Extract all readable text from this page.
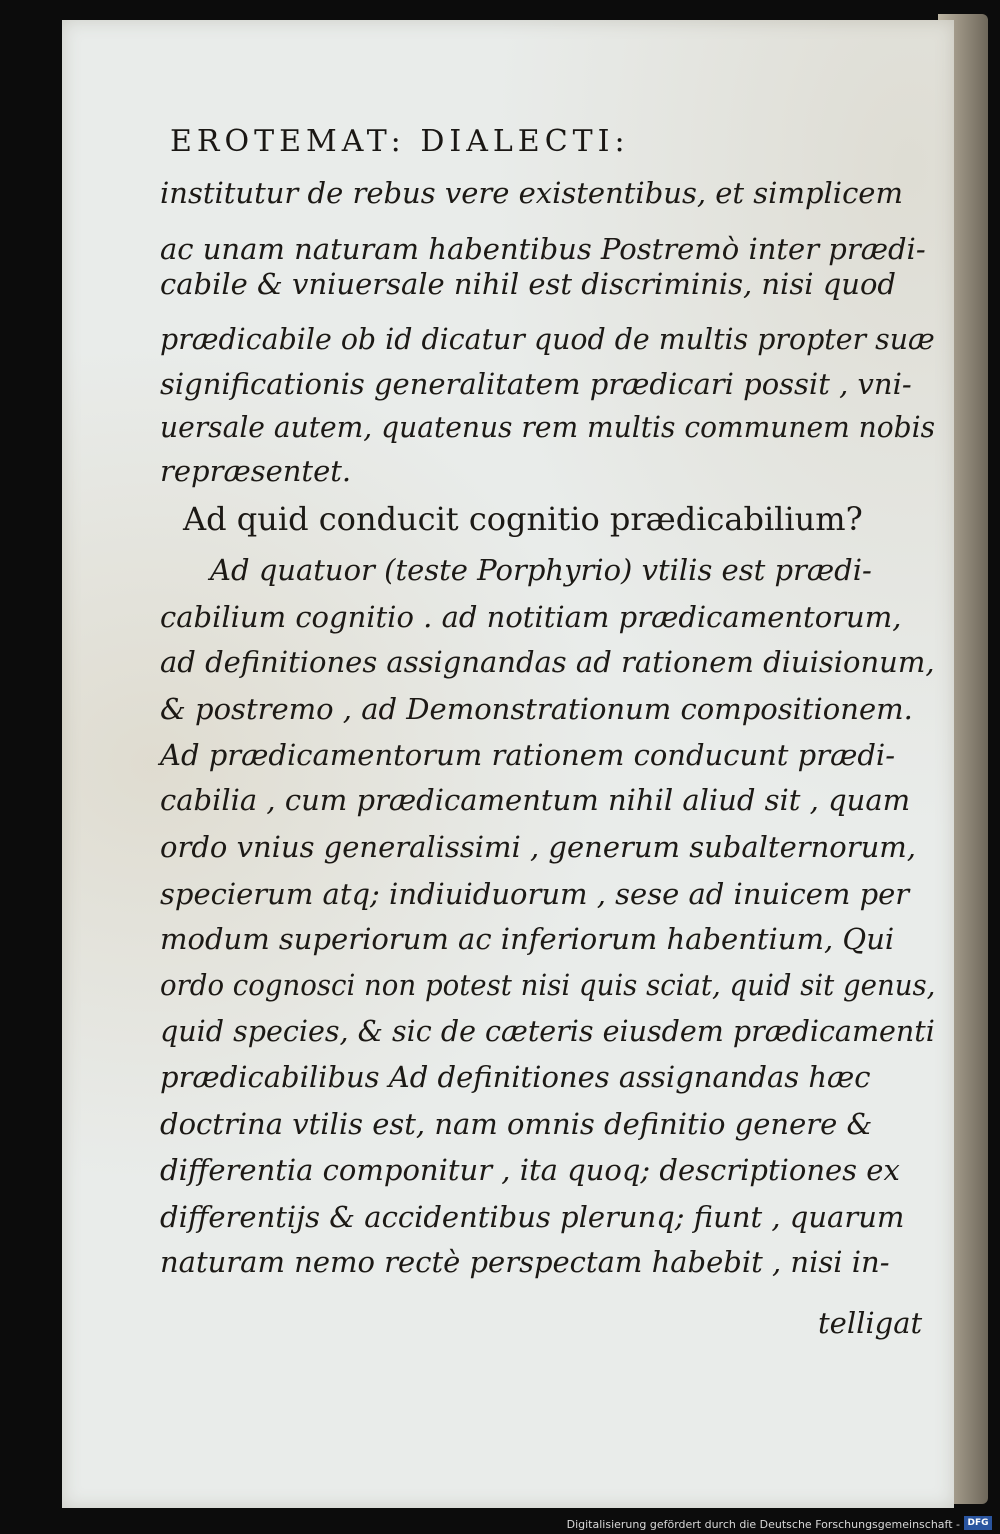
EROTEMAT: DIALECTI:
institutur de rebus vere existentibus, et simplicem
ac unam naturam habentibus Postremò inter prædi-
cabile & vniuersale nihil est discriminis, nisi quod
prædicabile ob id dicatur quod de multis propter suæ
significationis generalitatem prædicari possit , vni-
uersale autem, quatenus rem multis communem nobis
repræsentet.
Ad quid conducit cognitio prædicabilium?
Ad quatuor (teste Porphyrio) vtilis est prædi-
cabilium cognitio . ad notitiam prædicamentorum,
ad definitiones assignandas ad rationem diuisionum,
& postremo , ad Demonstrationum compositionem.
Ad prædicamentorum rationem conducunt prædi-
cabilia , cum prædicamentum nihil aliud sit , quam
ordo vnius generalissimi , generum subalternorum,
specierum atq; indiuiduorum , sese ad inuicem per
modum superiorum ac inferiorum habentium, Qui
ordo cognosci non potest nisi quis sciat, quid sit genus,
quid species, & sic de cæteris eiusdem prædicamenti
prædicabilibus Ad definitiones assignandas hæc
doctrina vtilis est, nam omnis definitio genere &
differentia componitur , ita quoq; descriptiones ex
differentijs & accidentibus plerunq; fiunt , quarum
naturam nemo rectè perspectam habebit , nisi in-
telligat
Digitalisierung gefördert durch die Deutsche Forschungsgemeinschaft - DFG
